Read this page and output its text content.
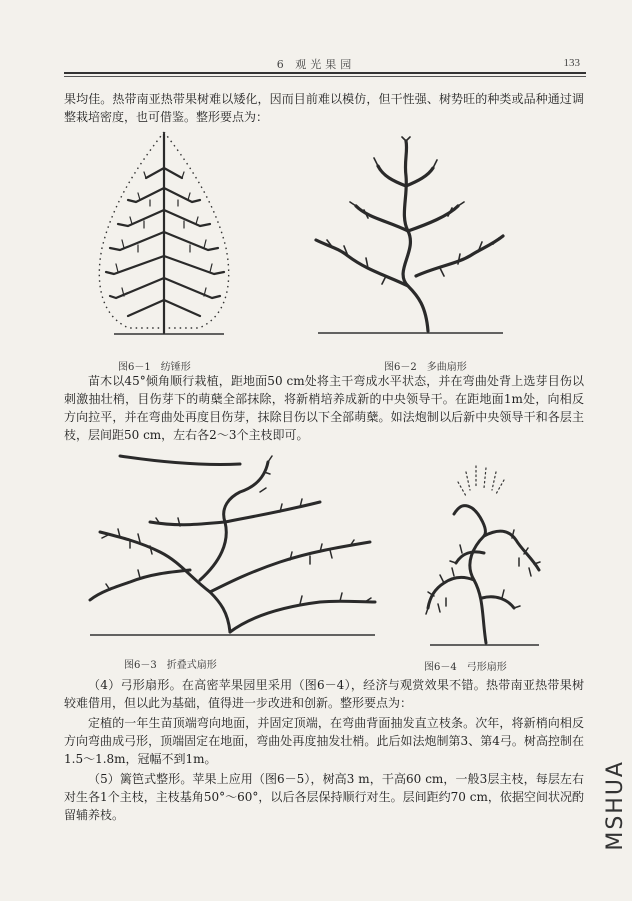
6 观光果园	133

果均佳。热带南亚热带果树难以矮化，因而目前难以模仿，但干性强、树势旺的种类或品种通过调整栽培密度，也可借鉴。整形要点为：

图6－1　纺锤形	图6－2　多曲扇形

苗木以45°倾角顺行栽植，距地面50 cm处将主干弯成水平状态，并在弯曲处背上选芽目伤以刺激抽壮梢，目伤芽下的萌蘖全部抹除，将新梢培养成新的中央领导干。在距地面1m处，向相反方向拉平，并在弯曲处再度目伤芽，抹除目伤以下全部萌蘖。如法炮制以后新中央领导干和各层主枝，层间距50 cm，左右各2～3个主枝即可。

图6－3　折叠式扇形	图6－4　弓形扇形

（4）弓形扇形。在高密苹果园里采用（图6－4），经济与观赏效果不错。热带南亚热带果树较难借用，但以此为基础，值得进一步改进和创新。整形要点为：

定植的一年生苗顶端弯向地面，并固定顶端，在弯曲背面抽发直立枝条。次年，将新梢向相反方向弯曲成弓形，顶端固定在地面，弯曲处再度抽发壮梢。此后如法炮制第3、第4弓。树高控制在1.5～1.8m，冠幅不到1m。

（5）篱笆式整形。苹果上应用（图6－5），树高3 m，干高60 cm，一般3层主枝，每层左右对生各1个主枝，主枝基角50°～60°，以后各层保持顺行对生。层间距约70 cm，依据空间状况酌留辅养枝。	MSHUA
